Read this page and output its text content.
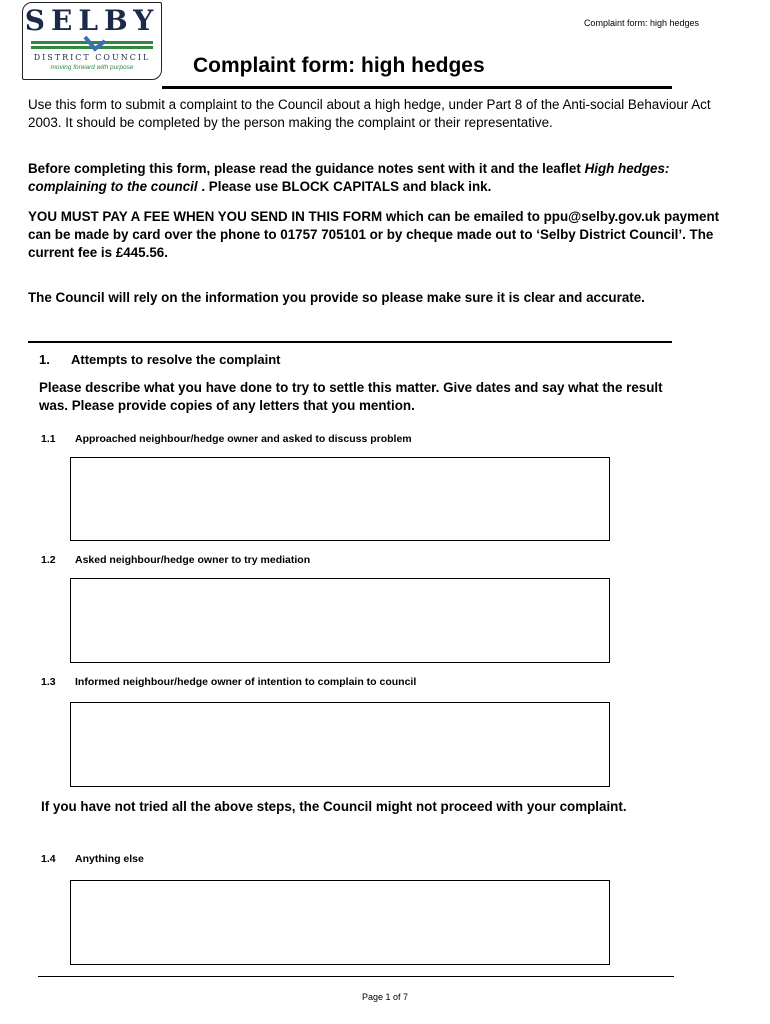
SELBY
DISTRICT COUNCIL
moving forward with purpose
Complaint form: high hedges
Complaint form: high hedges
Use this form to submit a complaint to the Council about a high hedge, under Part 8 of the Anti-social Behaviour Act 2003. It should be completed by the person making the complaint or their representative.
Before completing this form, please read the guidance notes sent with it and the leaflet High hedges: complaining to the council . Please use BLOCK CAPITALS and black ink.
YOU MUST PAY A FEE WHEN YOU SEND IN THIS FORM which can be emailed to ppu@selby.gov.uk payment can be made by card over the phone to 01757 705101 or by cheque made out to ‘Selby District Council’. The current fee is £445.56.
The Council will rely on the information you provide so please make sure it is clear and accurate.
1. Attempts to resolve the complaint
Please describe what you have done to try to settle this matter. Give dates and say what the result was. Please provide copies of any letters that you mention.
1.1 Approached neighbour/hedge owner and asked to discuss problem
1.2 Asked neighbour/hedge owner to try mediation
1.3 Informed neighbour/hedge owner of intention to complain to council
If you have not tried all the above steps, the Council might not proceed with your complaint.
1.4 Anything else
Page 1 of 7
